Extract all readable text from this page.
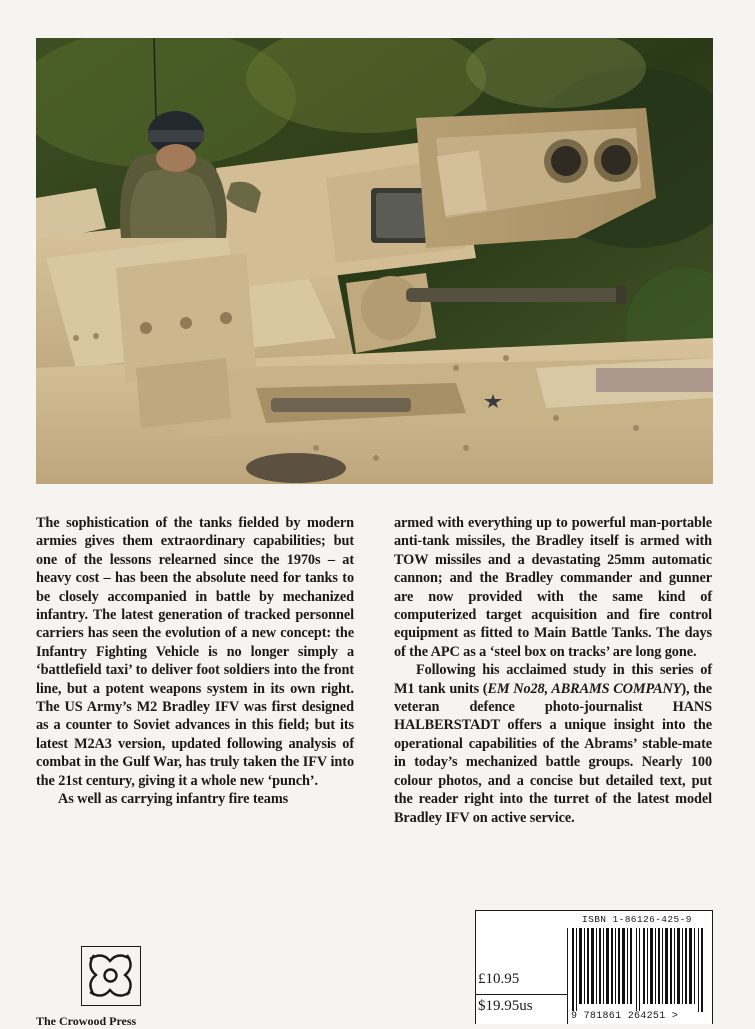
The sophistication of the tanks fielded by modern armies gives them extraordinary capabilities; but one of the lessons relearned since the 1970s – at heavy cost – has been the absolute need for tanks to be closely accompanied in battle by mechanized infantry. The latest generation of tracked personnel carriers has seen the evolution of a new concept: the Infantry Fighting Vehicle is no longer simply a ‘battlefield taxi’ to deliver foot soldiers into the front line, but a potent weapons system in its own right. The US Army’s M2 Bradley IFV was first designed as a counter to Soviet advances in this field; but its latest M2A3 version, updated following analysis of combat in the Gulf War, has truly taken the IFV into the 21st century, giving it a whole new ‘punch’.

As well as carrying infantry fire teams

armed with everything up to powerful man-portable anti-tank missiles, the Bradley itself is armed with TOW missiles and a devastating 25mm automatic cannon; and the Bradley commander and gunner are now provided with the same kind of computerized target acquisition and fire control equipment as fitted to Main Battle Tanks. The days of the APC as a ‘steel box on tracks’ are long gone.

Following his acclaimed study in this series of M1 tank units (EM No28, ABRAMS COMPANY), the veteran defence photo-journalist HANS HALBERSTADT offers a unique insight into the operational capabilities of the Abrams’ stable-mate in today’s mechanized battle groups. Nearly 100 colour photos, and a concise but detailed text, put the reader right into the turret of the latest model Bradley IFV on active service.

The Crowood Press
ISBN 1-86126-425-9
£10.95
$19.95us
9 781861 264251 >
